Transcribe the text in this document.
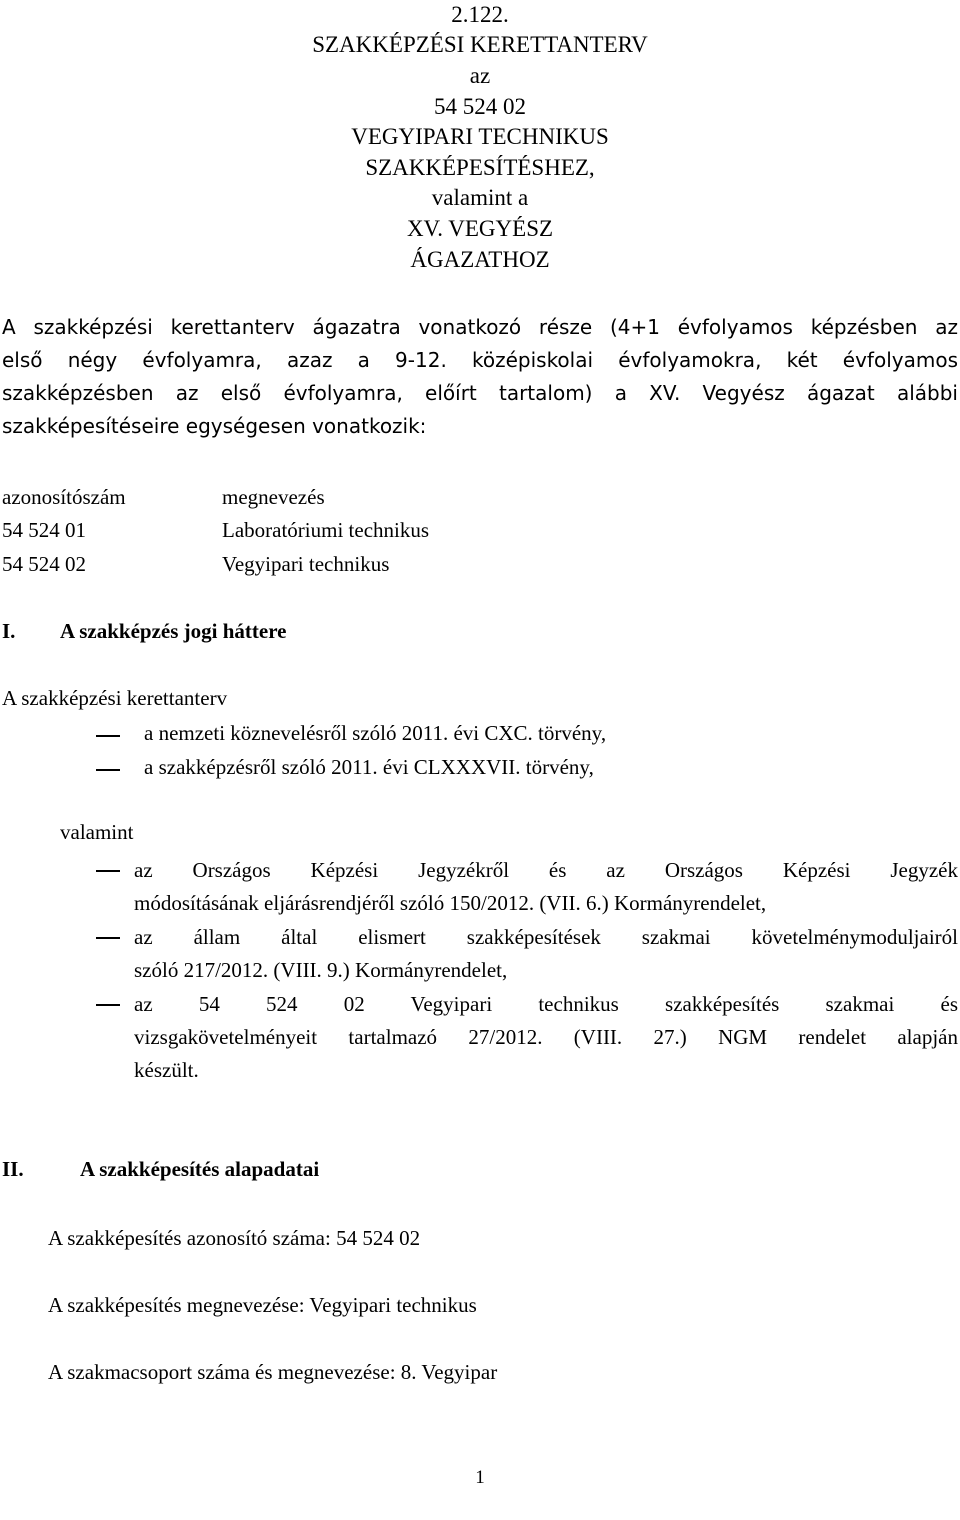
2.122.
SZAKKÉPZÉSI KERETTANTERV
az
54 524 02
VEGYIPARI TECHNIKUS
SZAKKÉPESÍTÉSHEZ,
valamint a
XV. VEGYÉSZ
ÁGAZATHOZ
A szakképzési kerettanterv ágazatra vonatkozó része (4+1 évfolyamos képzésben az
első négy évfolyamra, azaz a 9-12. középiskolai évfolyamokra, két évfolyamos
szakképzésben az első évfolyamra, előírt tartalom) a XV. Vegyész ágazat alábbi
szakképesítéseire egységesen vonatkozik:
azonosítószám	megnevezés
54 524 01	Laboratóriumi technikus
54 524 02	Vegyipari technikus
I. A szakképzés jogi háttere
A szakképzési kerettanterv
a nemzeti köznevelésről szóló 2011. évi CXC. törvény,
a szakképzésről szóló 2011. évi CLXXXVII. törvény,
valamint
az Országos Képzési Jegyzékről és az Országos Képzési Jegyzék
módosításának eljárásrendjéről szóló 150/2012. (VII. 6.) Kormányrendelet,
az állam által elismert szakképesítések szakmai követelménymoduljairól
szóló 217/2012. (VIII. 9.) Kormányrendelet,
az 54 524 02 Vegyipari technikus szakképesítés szakmai és
vizsgakövetelményeit tartalmazó 27/2012. (VIII. 27.) NGM rendelet alapján
készült.
II.	A szakképesítés alapadatai
A szakképesítés azonosító száma: 54 524 02
A szakképesítés megnevezése: Vegyipari technikus
A szakmacsoport száma és megnevezése: 8. Vegyipar
1
